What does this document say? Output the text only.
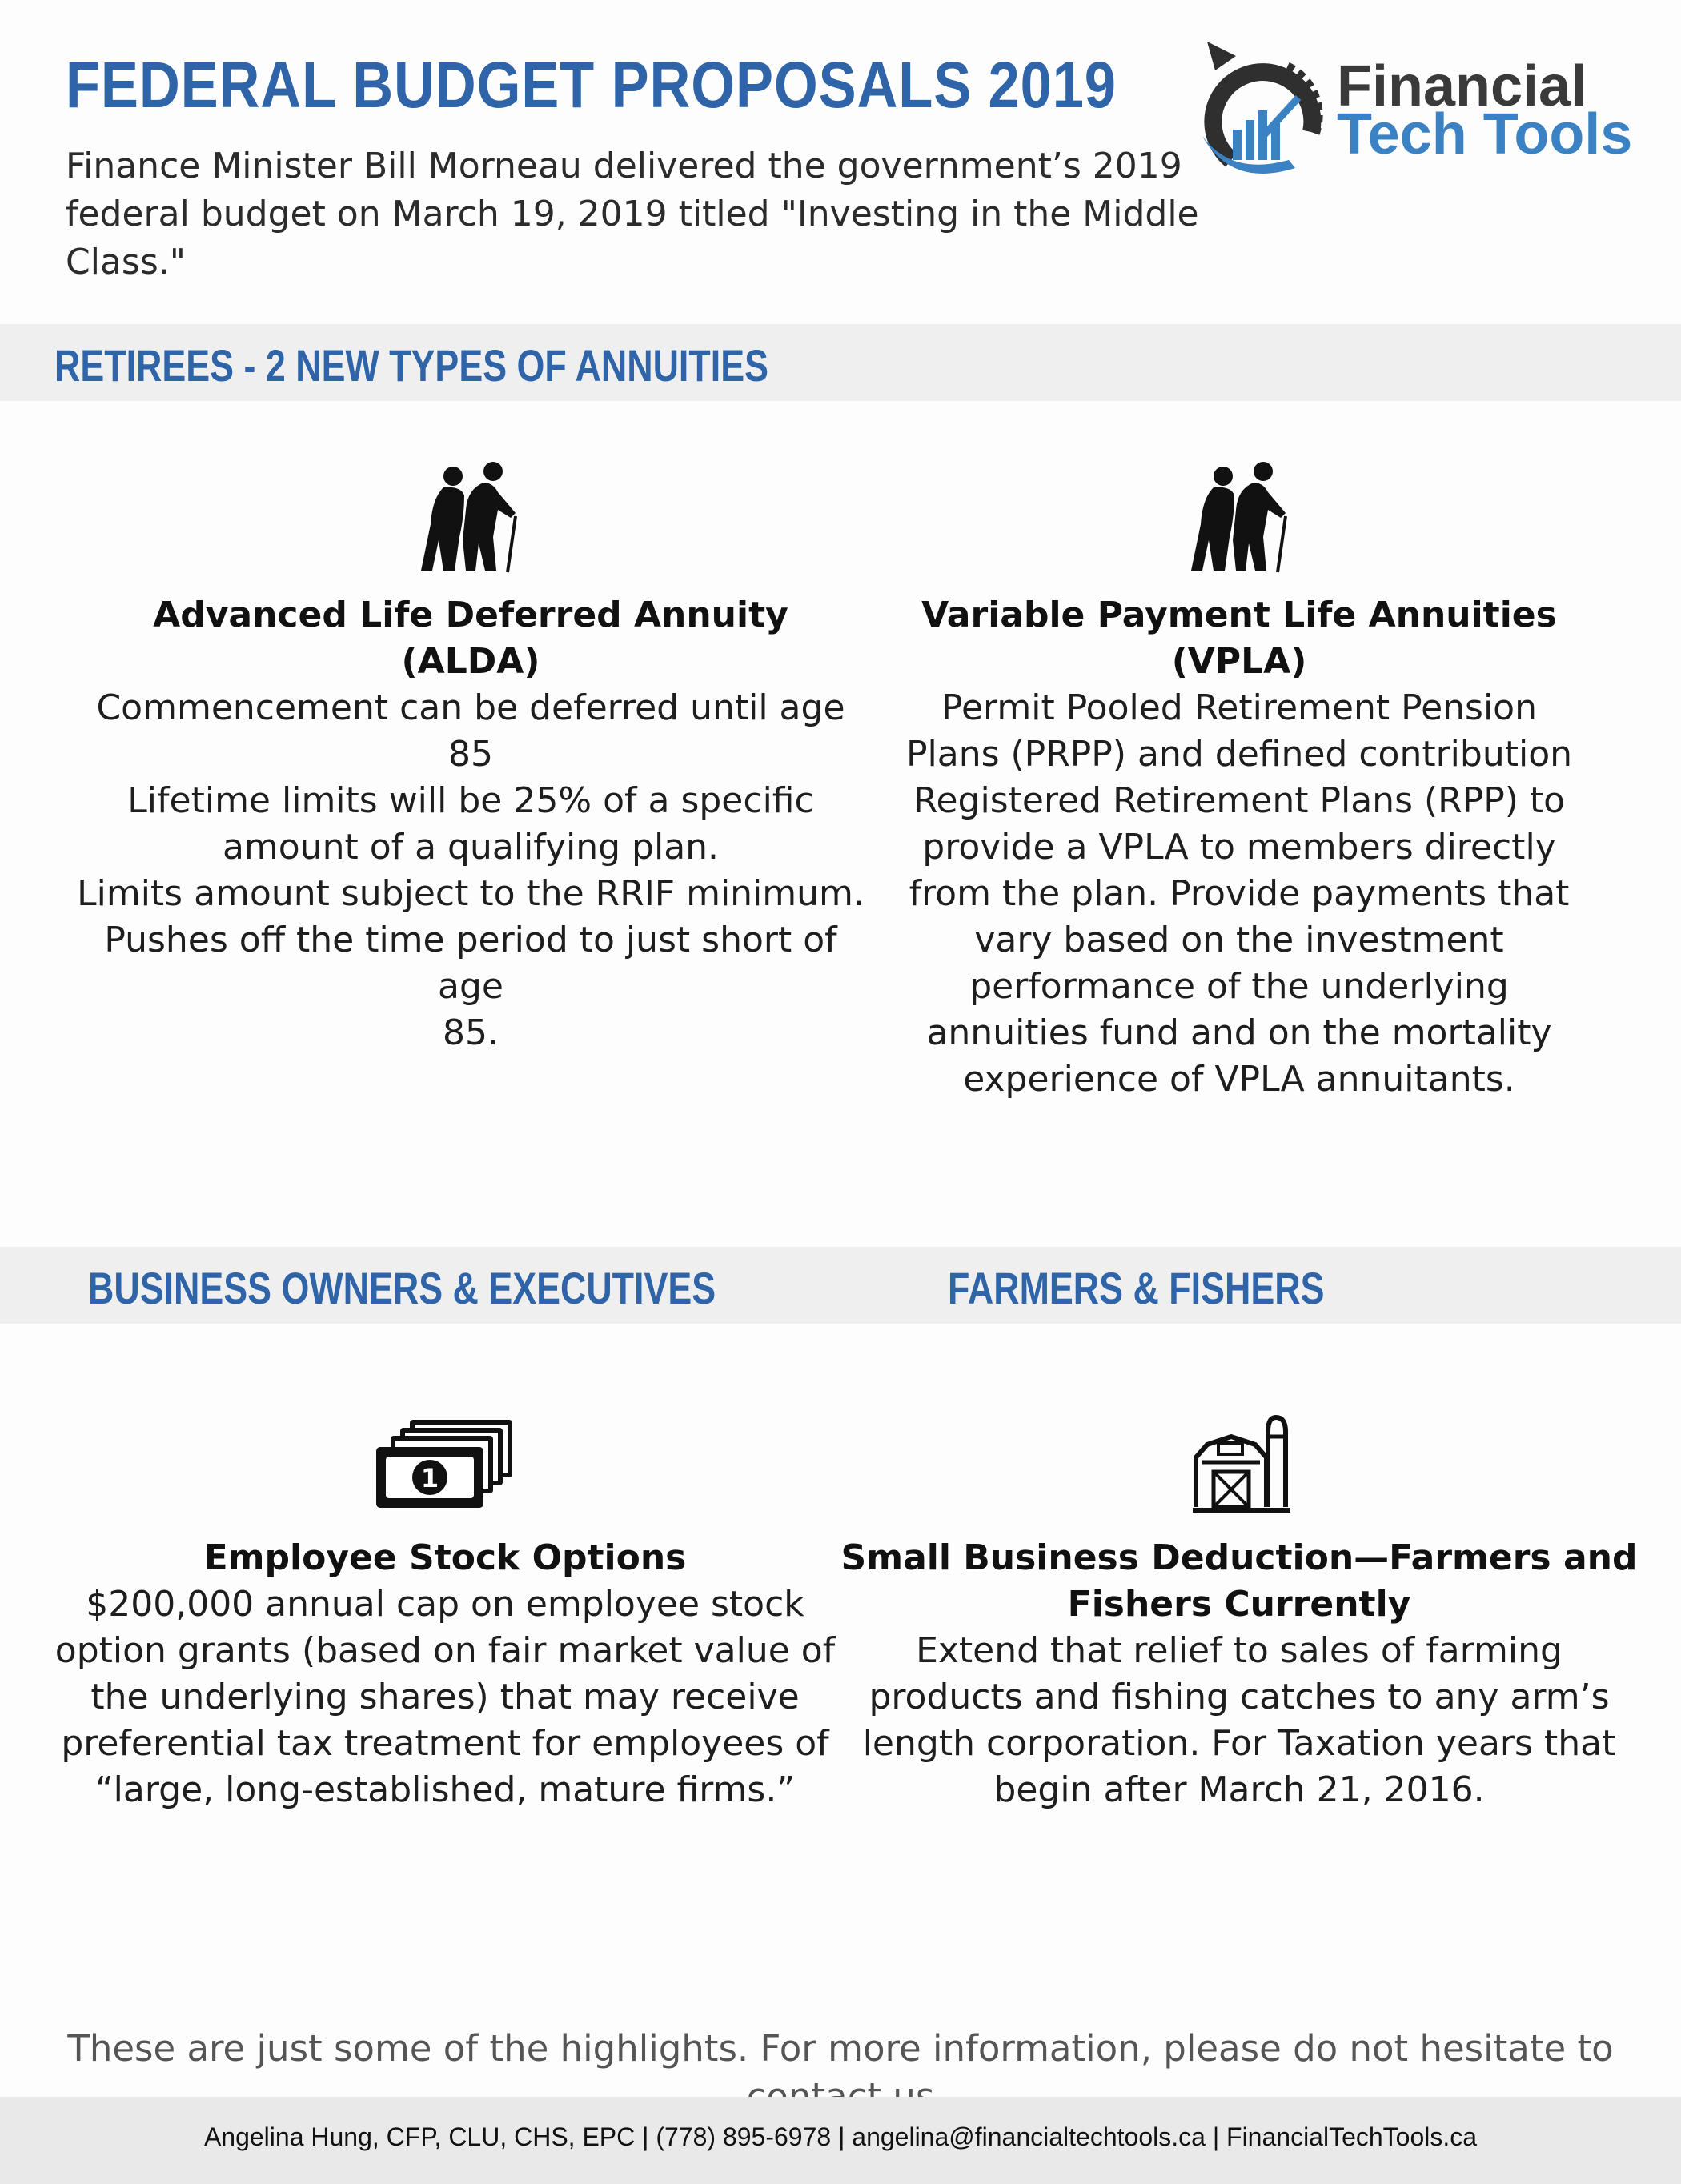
FEDERAL BUDGET PROPOSALS 2019
Finance Minister Bill Morneau delivered the government’s 2019 federal budget on March 19, 2019 titled "Investing in the Middle Class."
Financial
Tech Tools
RETIREES - 2 NEW TYPES OF ANNUITIES
Advanced Life Deferred Annuity
(ALDA)
Commencement can be deferred until age 85
Lifetime limits will be 25% of a specific
amount of a qualifying plan.
Limits amount subject to the RRIF minimum.
Pushes off the time period to just short of age
85.
Variable Payment Life Annuities
(VPLA)
Permit Pooled Retirement Pension
Plans (PRPP) and defined contribution
Registered Retirement Plans (RPP) to
provide a VPLA to members directly
from the plan. Provide payments that
vary based on the investment
performance of the underlying
annuities fund and on the mortality
experience of VPLA annuitants.
BUSINESS OWNERS & EXECUTIVES	FARMERS & FISHERS
1
Employee Stock Options
$200,000 annual cap on employee stock
option grants (based on fair market value of
the underlying shares) that may receive
preferential tax treatment for employees of
“large, long-established, mature firms.”
Small Business Deduction—Farmers and
Fishers Currently
Extend that relief to sales of farming
products and fishing catches to any arm’s
length corporation. For Taxation years that
begin after March 21, 2016.
These are just some of the highlights. For more information, please do not hesitate to
Angelina Hung, CFP, CLU, CHS, EPC | (778) 895-6978 | angelina@financialtechtools.ca | FinancialTechTools.ca
